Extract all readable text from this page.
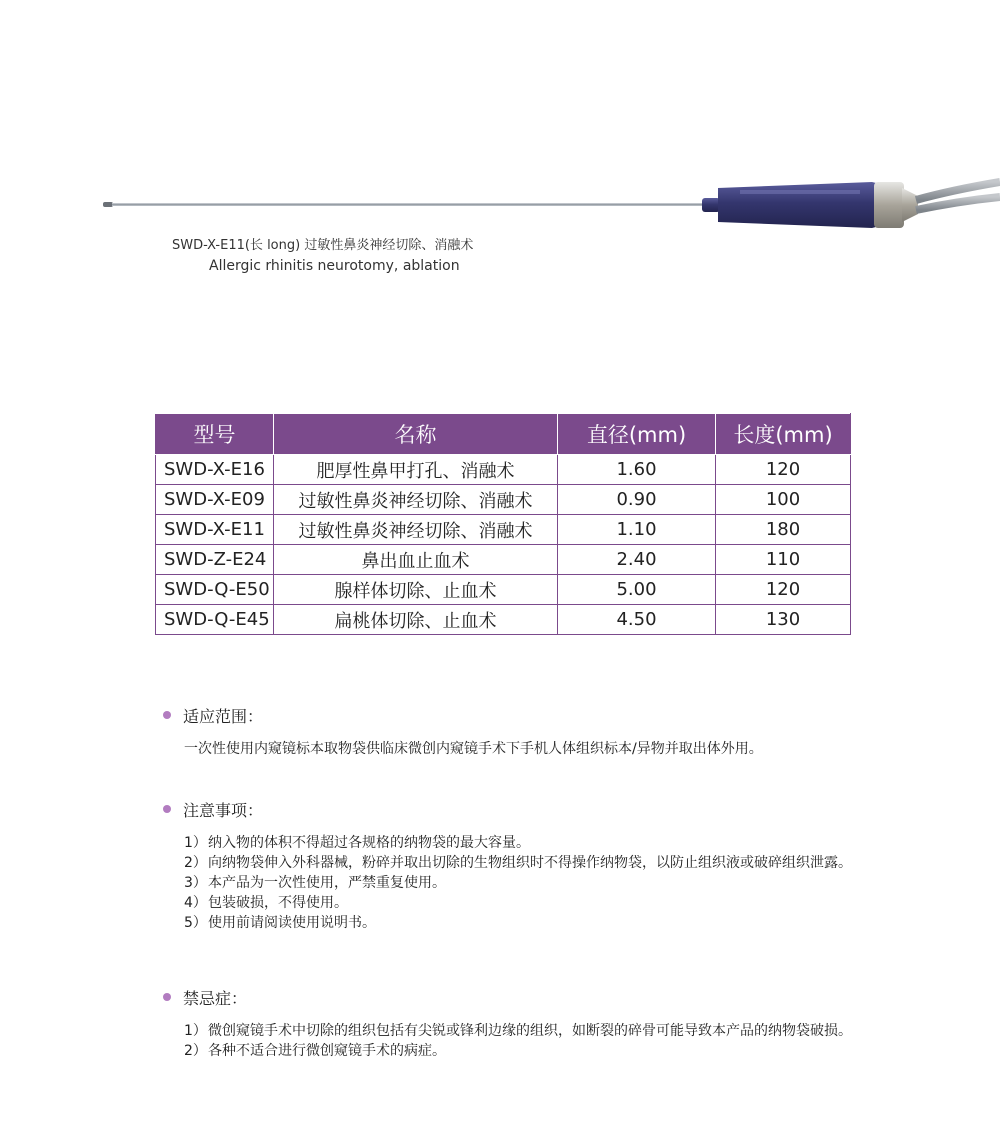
SWD-X-E11(长 long) 过敏性鼻炎神经切除、消融术
Allergic rhinitis neurotomy, ablation
型号	名称	直径(mm)	长度(mm)
SWD-X-E16	肥厚性鼻甲打孔、消融术	1.60	120
SWD-X-E09	过敏性鼻炎神经切除、消融术	0.90	100
SWD-X-E11	过敏性鼻炎神经切除、消融术	1.10	180
SWD-Z-E24	鼻出血止血术	2.40	110
SWD-Q-E50	腺样体切除、止血术	5.00	120
SWD-Q-E45	扁桃体切除、止血术	4.50	130
适应范围：
一次性使用内窥镜标本取物袋供临床微创内窥镜手术下手机人体组织标本/异物并取出体外用。
注意事项：
1） 纳入物的体积不得超过各规格的纳物袋的最大容量。
2） 向纳物袋伸入外科器械，粉碎并取出切除的生物组织时不得操作纳物袋，以防止组织液或破碎组织泄露。
3） 本产品为一次性使用，严禁重复使用。
4） 包装破损，不得使用。
5） 使用前请阅读使用说明书。
禁忌症：
1） 微创窥镜手术中切除的组织包括有尖锐或锋利边缘的组织，如断裂的碎骨可能导致本产品的纳物袋破损。
2） 各种不适合进行微创窥镜手术的病症。
